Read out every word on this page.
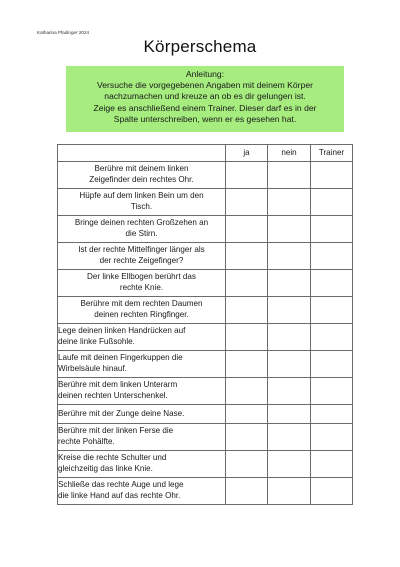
Katharina Pfadinger 2024
Körperschema
Anleitung:
Versuche die vorgegebenen Angaben mit deinem Körper
nachzumachen und kreuze an ob es dir gelungen ist.
Zeige es anschließend einem Trainer. Dieser darf es in der
Spalte unterschreiben, wenn er es gesehen hat.
	ja	nein	Trainer
Berühre mit deinem linken
Zeigefinder dein rechtes Ohr.			
Hüpfe auf dem linken Bein um den
Tisch.			
Bringe deinen rechten Großzehen an
die Stirn.			
Ist der rechte Mittelfinger länger als
der rechte Zeigefinger?			
Der linke Ellbogen berührt das
rechte Knie.			
Berühre mit dem rechten Daumen
deinen rechten Ringfinger.			
Lege deinen linken Handrücken auf
deine linke Fußsohle.			
Laufe mit deinen Fingerkuppen die
Wirbelsäule hinauf.			
Berühre mit dem linken Unterarm
deinen rechten Unterschenkel.			
Berühre mit der Zunge deine Nase.			
Berühre mit der linken Ferse die
rechte Pohälfte.			
Kreise die rechte Schulter und
gleichzeitig das linke Knie.			
Schließe das rechte Auge und lege
die linke Hand auf das rechte Ohr.			
